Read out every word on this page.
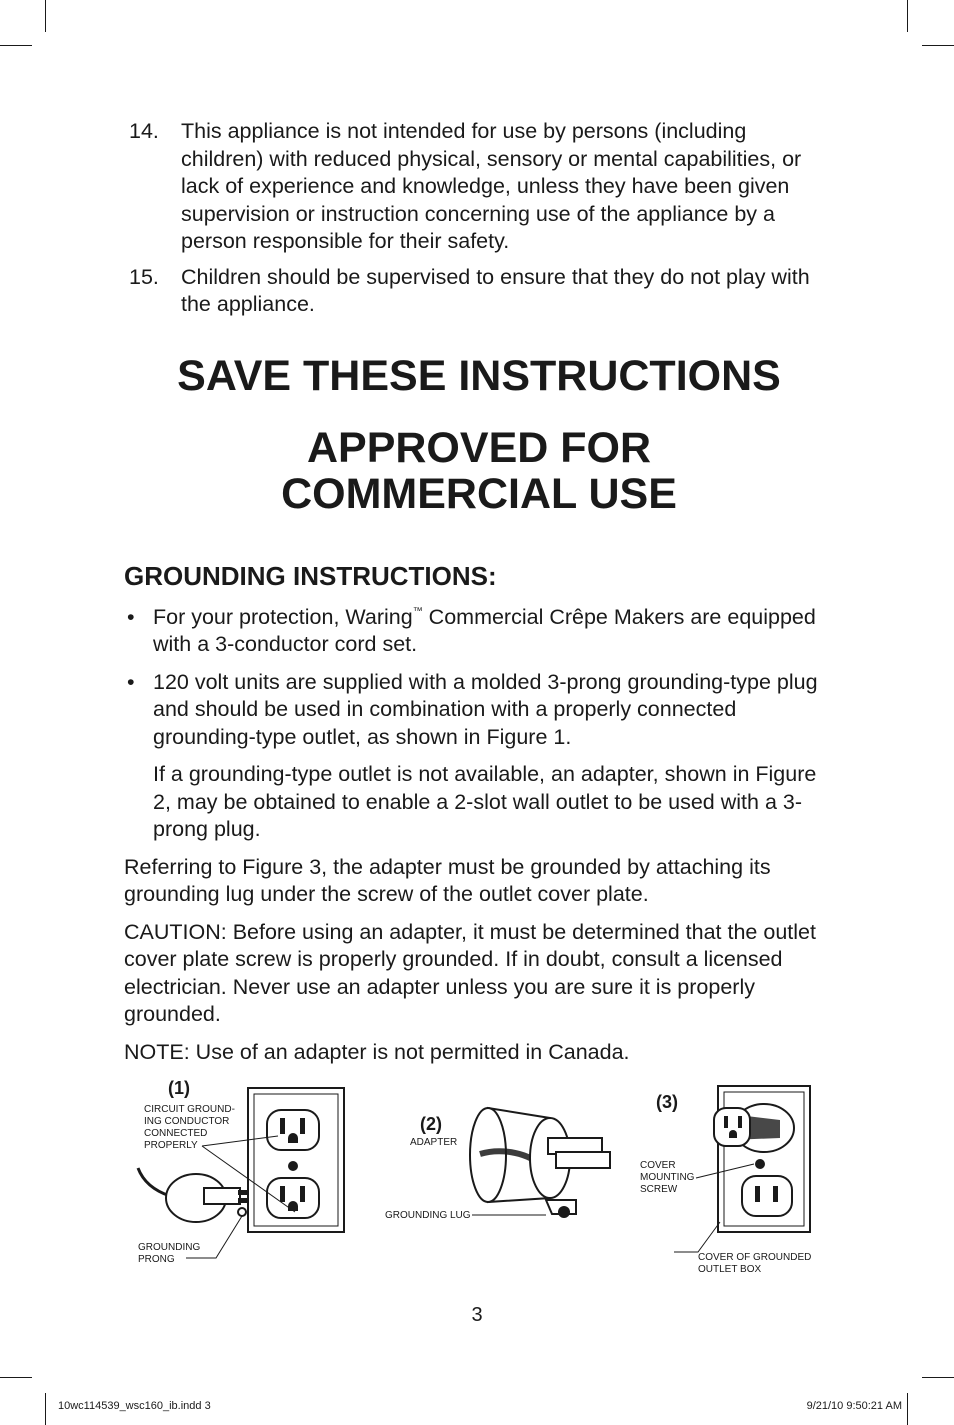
14.	This appliance is not intended for use by persons (including children) with reduced physical, sensory or mental capabilities, or lack of experience and knowledge, unless they have been given supervision or instruction concerning use of the appliance by a person responsible for their safety.
15.	Children should be supervised to ensure that they do not play with the appliance.
SAVE THESE INSTRUCTIONS
APPROVED FOR
COMMERCIAL USE
GROUNDING INSTRUCTIONS:
• For your protection, Waring™ Commercial Crêpe Makers are equipped with a 3-conductor cord set.
• 120 volt units are supplied with a molded 3-prong grounding-type plug and should be used in combination with a properly connected grounding-type outlet, as shown in Figure 1.

If a grounding-type outlet is not available, an adapter, shown in Figure 2, may be obtained to enable a 2-slot wall outlet to be used with a 3-prong plug.

Referring to Figure 3, the adapter must be grounded by attaching its grounding lug under the screw of the outlet cover plate.

CAUTION: Before using an adapter, it must be determined that the outlet cover plate screw is properly grounded. If in doubt, consult a licensed electrician. Never use an adapter unless you are sure it is properly grounded.

NOTE: Use of an adapter is not permitted in Canada.

(1)
CIRCUIT GROUND-
ING CONDUCTOR
CONNECTED
PROPERLY
GROUNDING
PRONG
(2)
ADAPTER
GROUNDING LUG
(3)
COVER
MOUNTING
SCREW
COVER OF GROUNDED
OUTLET BOX
3
10wc114539_wsc160_ib.indd 3	9/21/10 9:50:21 AM
